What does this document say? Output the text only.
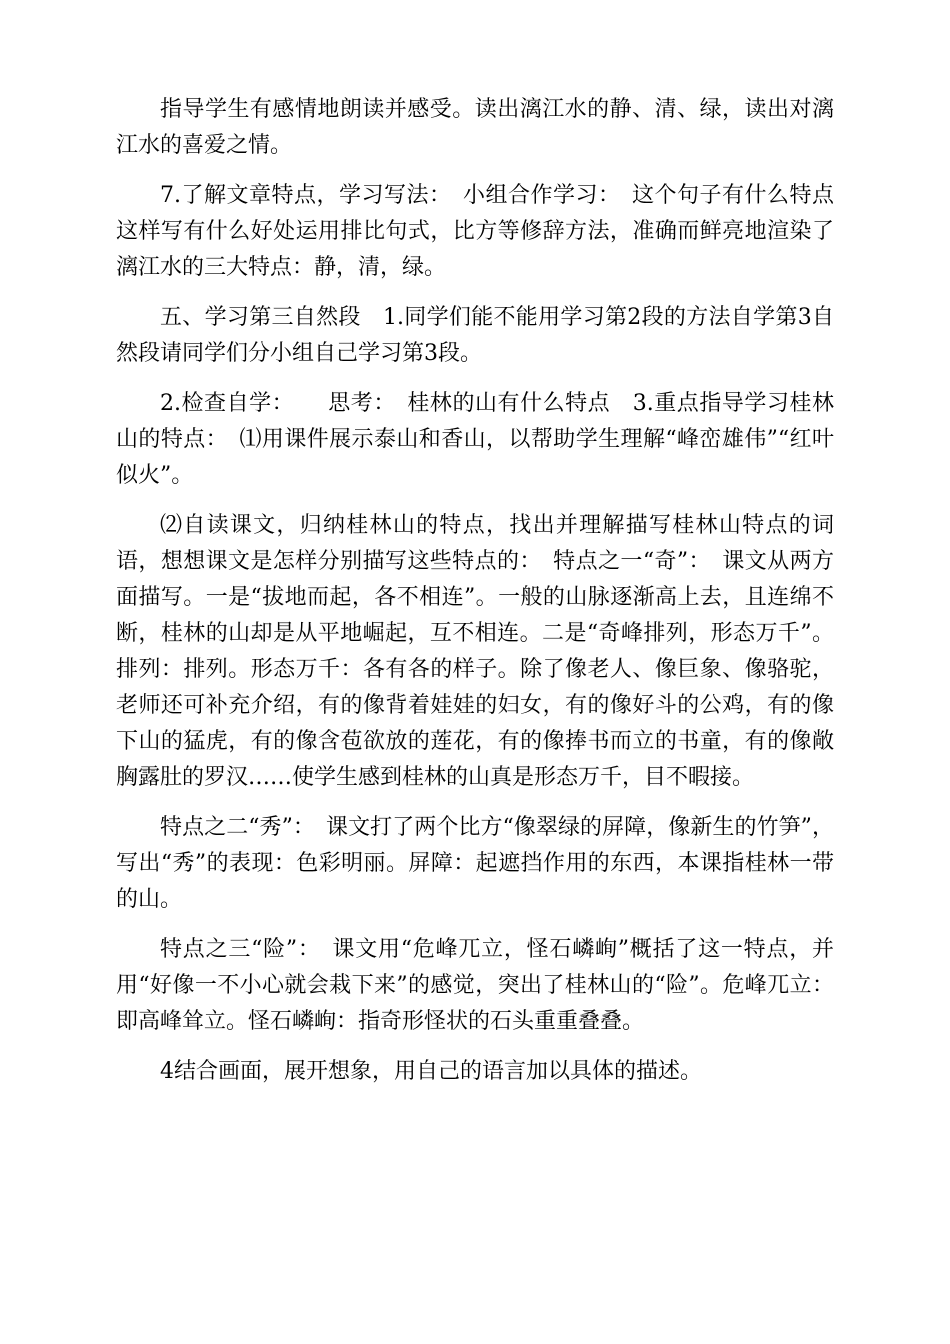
指导学生有感情地朗读并感受。读出漓江水的静、清、绿，读出对漓江水的喜爱之情。

7.了解文章特点，学习写法：　小组合作学习：　这个句子有什么特点这样写有什么好处运用排比句式，比方等修辞方法，准确而鲜亮地渲染了漓江水的三大特点：静，清，绿。

五、学习第三自然段　1.同学们能不能用学习第2段的方法自学第3自然段请同学们分小组自己学习第3段。

2.检查自学：　　思考：　桂林的山有什么特点　3.重点指导学习桂林山的特点：　⑴用课件展示泰山和香山，以帮助学生理解“峰峦雄伟”“红叶似火”。

⑵自读课文，归纳桂林山的特点，找出并理解描写桂林山特点的词语，想想课文是怎样分别描写这些特点的：　特点之一“奇”：　课文从两方面描写。一是“拔地而起，各不相连”。一般的山脉逐渐高上去，且连绵不断，桂林的山却是从平地崛起，互不相连。二是“奇峰排列，形态万千”。排列：排列。形态万千：各有各的样子。除了像老人、像巨象、像骆驼，老师还可补充介绍，有的像背着娃娃的妇女，有的像好斗的公鸡，有的像下山的猛虎，有的像含苞欲放的莲花，有的像捧书而立的书童，有的像敞胸露肚的罗汉……使学生感到桂林的山真是形态万千，目不暇接。

特点之二“秀”：　课文打了两个比方“像翠绿的屏障，像新生的竹笋”，写出“秀”的表现：色彩明丽。屏障：起遮挡作用的东西，本课指桂林一带的山。

特点之三“险”：　课文用“危峰兀立，怪石嶙峋”概括了这一特点，并用“好像一不小心就会栽下来”的感觉，突出了桂林山的“险”。危峰兀立：即高峰耸立。怪石嶙峋：指奇形怪状的石头重重叠叠。

4结合画面，展开想象，用自己的语言加以具体的描述。
